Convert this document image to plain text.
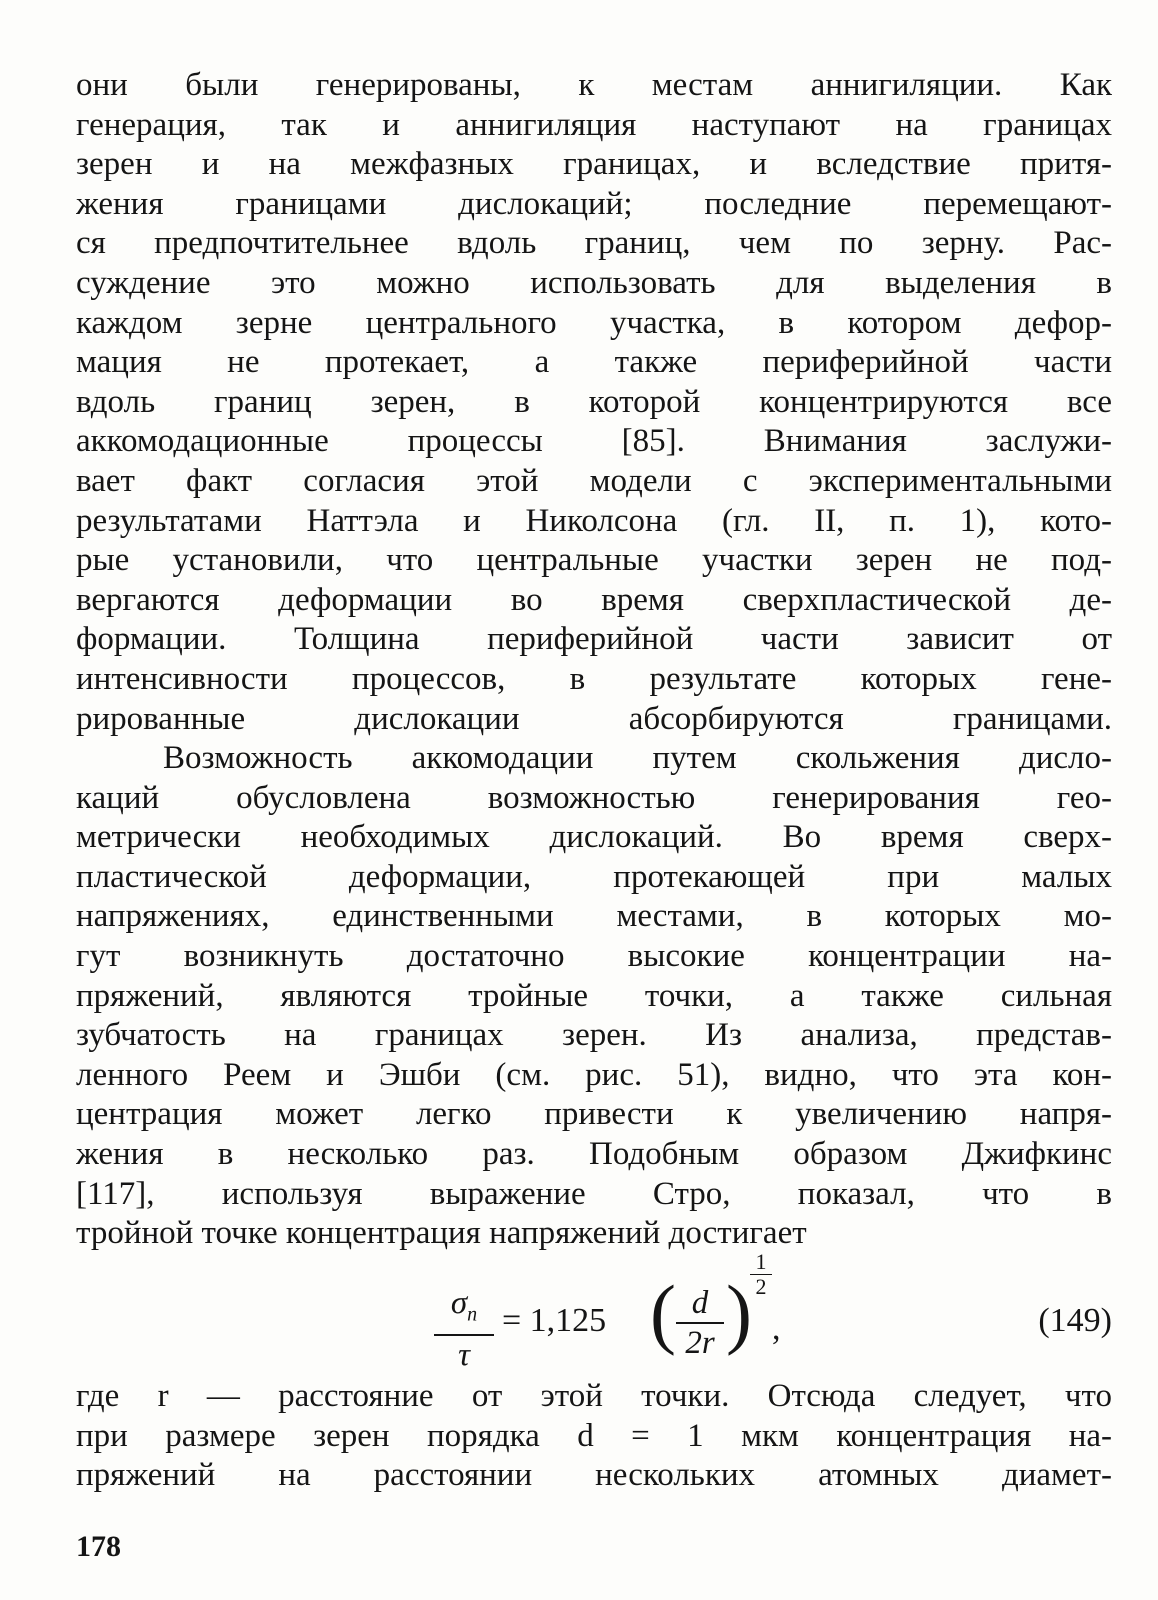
они были генерированы, к местам аннигиляции. Как
генерация, так и аннигиляция наступают на границах
зерен и на межфазных границах, и вследствие притя-
жения границами дислокаций; последние перемещают-
ся предпочтительнее вдоль границ, чем по зерну. Рас-
суждение это можно использовать для выделения в
каждом зерне центрального участка, в котором дефор-
мация не протекает, а также периферийной части
вдоль границ зерен, в которой концентрируются все
аккомодационные процессы [85]. Внимания заслужи-
вает факт согласия этой модели с экспериментальными
результатами Наттэла и Николсона (гл. II, п. 1), кото-
рые установили, что центральные участки зерен не под-
вергаются деформации во время сверхпластической де-
формации. Толщина периферийной части зависит от
интенсивности процессов, в результате которых гене-
рированные дислокации абсорбируются границами.
Возможность аккомодации путем скольжения дисло-
каций обусловлена возможностью генерирования гео-
метрически необходимых дислокаций. Во время сверх-
пластической деформации, протекающей при малых
напряжениях, единственными местами, в которых мо-
гут возникнуть достаточно высокие концентрации на-
пряжений, являются тройные точки, а также сильная
зубчатость на границах зерен. Из анализа, представ-
ленного Реем и Эшби (см. рис. 51), видно, что эта кон-
центрация может легко привести к увеличению напря-
жения в несколько раз. Подобным образом Джифкинс
[117], используя выражение Стро, показал, что в
тройной точке концентрация напряжений достигает
$\sigma_n$
τ
= 1,125 ( d
2r )
1
2
,	(149)
где r — расстояние от этой точки. Отсюда следует, что
при размере зерен порядка d = 1 мкм концентрация на-
пряжений на расстоянии нескольких атомных диамет-
178
